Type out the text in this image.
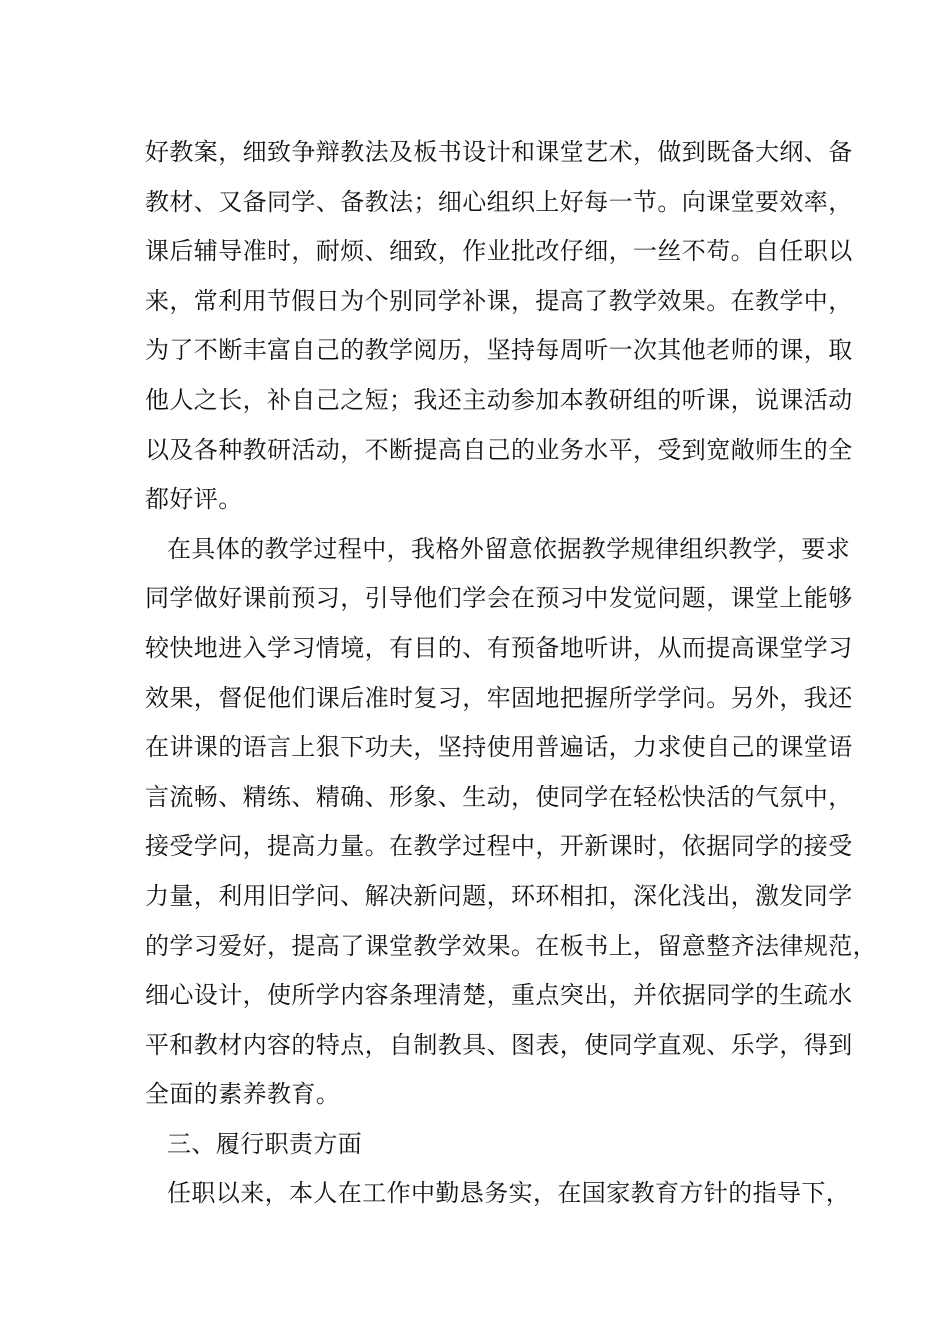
好教案，细致争辩教法及板书设计和课堂艺术，做到既备大纲、备
教材、又备同学、备教法；细心组织上好每一节。向课堂要效率，
课后辅导准时，耐烦、细致，作业批改仔细，一丝不苟。自任职以
来，常利用节假日为个别同学补课，提高了教学效果。在教学中，
为了不断丰富自己的教学阅历，坚持每周听一次其他老师的课，取
他人之长，补自己之短；我还主动参加本教研组的听课，说课活动
以及各种教研活动，不断提高自己的业务水平，受到宽敞师生的全
都好评。
在具体的教学过程中，我格外留意依据教学规律组织教学，要求
同学做好课前预习，引导他们学会在预习中发觉问题，课堂上能够
较快地进入学习情境，有目的、有预备地听讲，从而提高课堂学习
效果，督促他们课后准时复习，牢固地把握所学学问。另外，我还
在讲课的语言上狠下功夫，坚持使用普遍话，力求使自己的课堂语
言流畅、精练、精确、形象、生动，使同学在轻松快活的气氛中，
接受学问，提高力量。在教学过程中，开新课时，依据同学的接受
力量，利用旧学问、解决新问题，环环相扣，深化浅出，激发同学
的学习爱好，提高了课堂教学效果。在板书上，留意整齐法律规范，
细心设计，使所学内容条理清楚，重点突出，并依据同学的生疏水
平和教材内容的特点，自制教具、图表，使同学直观、乐学，得到
全面的素养教育。
三、履行职责方面
任职以来，本人在工作中勤恳务实，在国家教育方针的指导下，
